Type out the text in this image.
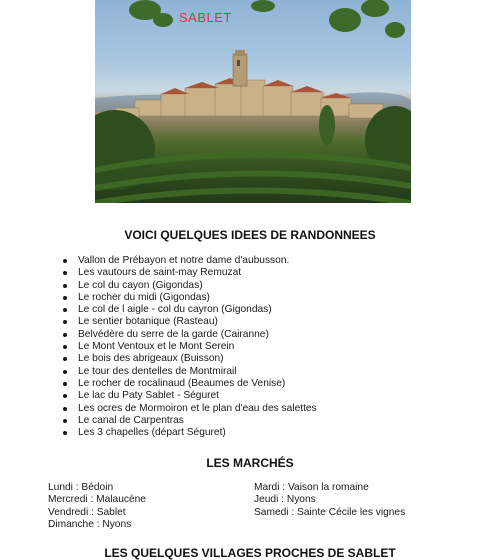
SABLET
VOICI QUELQUES IDEES DE RANDONNEES
Vallon de Prébayon et notre dame d'aubusson.
Les vautours de saint-may Remuzat
Le col du cayon (Gigondas)
Le rocher du midi (Gigondas)
Le col de l aigle - col du cayron (Gigondas)
Le sentier botanique (Rasteau)
Belvédère du serre de la garde (Cairanne)
Le Mont Ventoux et le Mont Serein
Le bois des abrigeaux (Buisson)
Le tour des dentelles de Montmirail
Le rocher de rocalinaud (Beaumes de Venise)
Le lac du Paty Sablet - Séguret
Les ocres de Mormoiron et le plan d'eau des salettes
Le canal de Carpentras
Les 3 chapelles (départ Séguret)
LES MARCHÉS
Lundi : Bédoin
Mercredi : Malaucène
Vendredi : Sablet
Dimanche : Nyons
Mardi : Vaison la romaine
Jeudi : Nyons
Samedi : Sainte Cécile les vignes
LES QUELQUES VILLAGES PROCHES DE SABLET
